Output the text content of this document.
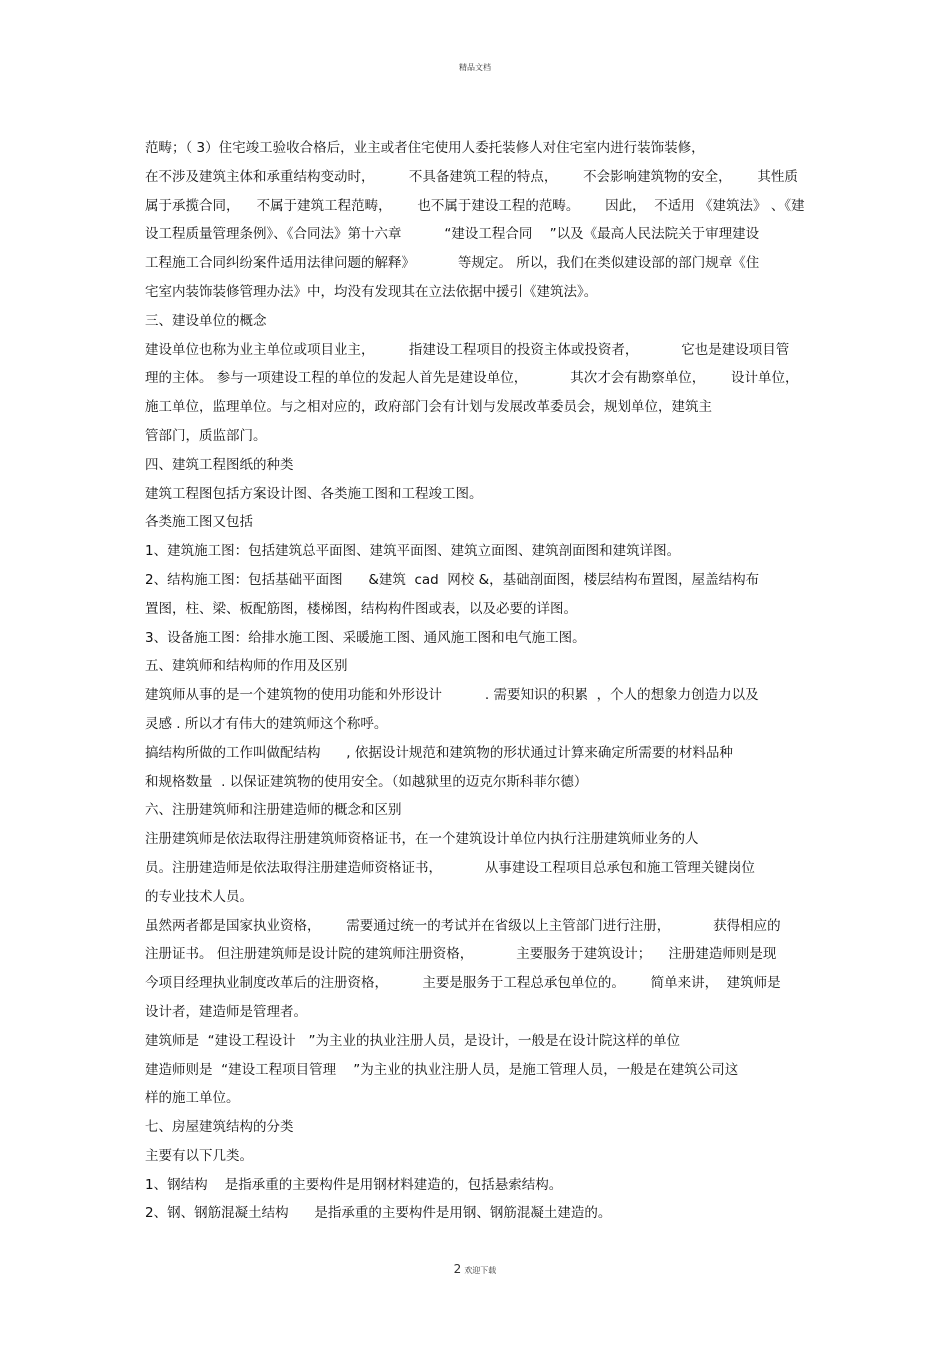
精品文档
范畴；（ 3）住宅竣工验收合格后，业主或者住宅使用人委托装修人对住宅室内进行装饰装修，
在不涉及建筑主体和承重结构变动时，        不具备建筑工程的特点，      不会影响建筑物的安全，      其性质
属于承揽合同，    不属于建筑工程范畴，      也不属于建设工程的范畴。      因此，  不适用 《建筑法》 、《建
设工程质量管理条例》、《合同法》第十六章          “建设工程合同    ”以及《最高人民法院关于审理建设
工程施工合同纠纷案件适用法律问题的解释》          等规定。 所以，我们在类似建设部的部门规章《住
宅室内装饰装修管理办法》中，均没有发现其在立法依据中援引《建筑法》。
三、建设单位的概念
建设单位也称为业主单位或项目业主，        指建设工程项目的投资主体或投资者，          它也是建设项目管
理的主体。 参与一项建设工程的单位的发起人首先是建设单位，          其次才会有勘察单位，      设计单位，
施工单位，监理单位。与之相对应的，政府部门会有计划与发展改革委员会，规划单位，建筑主
管部门，质监部门。
四、建筑工程图纸的种类
建筑工程图包括方案设计图、各类施工图和工程竣工图。
各类施工图又包括
1、建筑施工图：包括建筑总平面图、建筑平面图、建筑立面图、建筑剖面图和建筑详图。
2、结构施工图：包括基础平面图      &建筑  cad  网校 &，基础剖面图，楼层结构布置图，屋盖结构布
置图，柱、梁、板配筋图，楼梯图，结构构件图或表，以及必要的详图。
3、设备施工图：给排水施工图、采暖施工图、通风施工图和电气施工图。
五、建筑师和结构师的作用及区别
建筑师从事的是一个建筑物的使用功能和外形设计          . 需要知识的积累  ，个人的想象力创造力以及
灵感 . 所以才有伟大的建筑师这个称呼。
搞结构所做的工作叫做配结构      , 依据设计规范和建筑物的形状通过计算来确定所需要的材料品种
和规格数量  . 以保证建筑物的使用安全。（如越狱里的迈克尔斯科菲尔德）
六、注册建筑师和注册建造师的概念和区别
注册建筑师是依法取得注册建筑师资格证书，在一个建筑设计单位内执行注册建筑师业务的人
员。注册建造师是依法取得注册建造师资格证书，          从事建设工程项目总承包和施工管理关键岗位
的专业技术人员。
虽然两者都是国家执业资格，      需要通过统一的考试并在省级以上主管部门进行注册，          获得相应的
注册证书。 但注册建筑师是设计院的建筑师注册资格，          主要服务于建筑设计；    注册建造师则是现
今项目经理执业制度改革后的注册资格，        主要是服务于工程总承包单位的。      简单来讲，  建筑师是
设计者，建造师是管理者。
建筑师是  “建设工程设计   ”为主业的执业注册人员，是设计，一般是在设计院这样的单位
建造师则是  “建设工程项目管理    ”为主业的执业注册人员，是施工管理人员，一般是在建筑公司这
样的施工单位。
七、房屋建筑结构的分类
主要有以下几类。
1、钢结构    是指承重的主要构件是用钢材料建造的，包括悬索结构。
2、钢、钢筋混凝土结构      是指承重的主要构件是用钢、钢筋混凝土建造的。
2 欢迎下载
